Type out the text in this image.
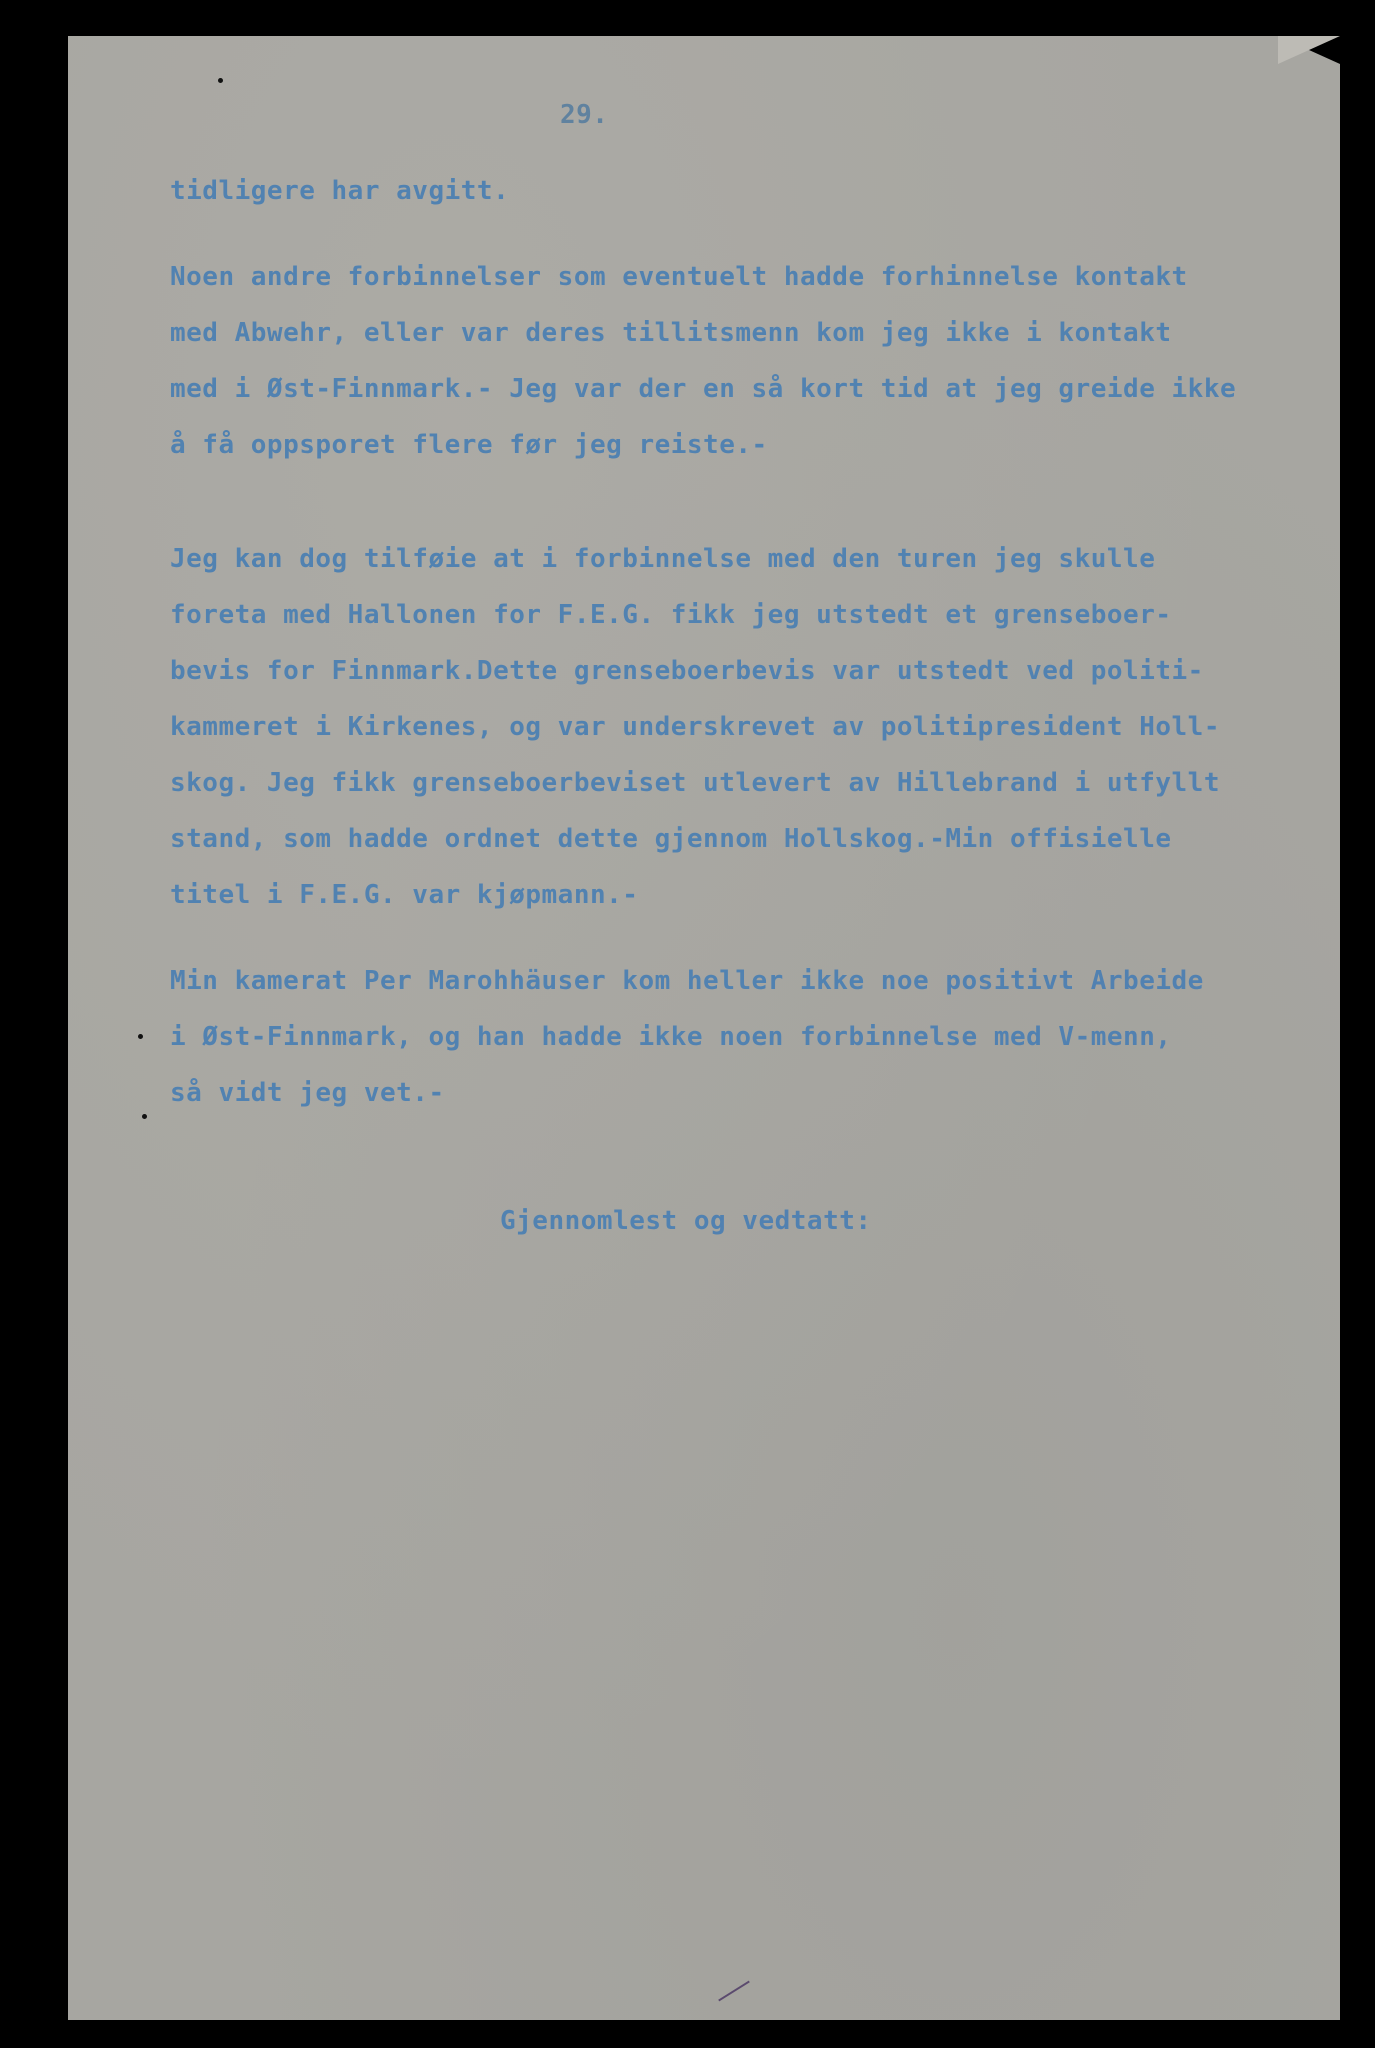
29.
tidligere har avgitt.
Noen andre forbinnelser som eventuelt hadde forhinnelse kontakt
med Abwehr, eller var deres tillitsmenn kom jeg ikke i kontakt
med i Øst-Finnmark.- Jeg var der en så kort tid at jeg greide ikke
å få oppsporet flere før jeg reiste.-
Jeg kan dog tilføie at i forbinnelse med den turen jeg skulle
foreta med Hallonen for F.E.G. fikk jeg utstedt et grenseboer-
bevis for Finnmark.Dette grenseboerbevis var utstedt ved politi-
kammeret i Kirkenes, og var underskrevet av politipresident Holl-
skog. Jeg fikk grenseboerbeviset utlevert av Hillebrand i utfyllt
stand, som hadde ordnet dette gjennom Hollskog.-Min offisielle
titel i F.E.G. var kjøpmann.-
Min kamerat Per Marohhäuser kom heller ikke noe positivt Arbeide
i Øst-Finnmark, og han hadde ikke noen forbinnelse med V-menn,
så vidt jeg vet.-
Gjennomlest og vedtatt:
